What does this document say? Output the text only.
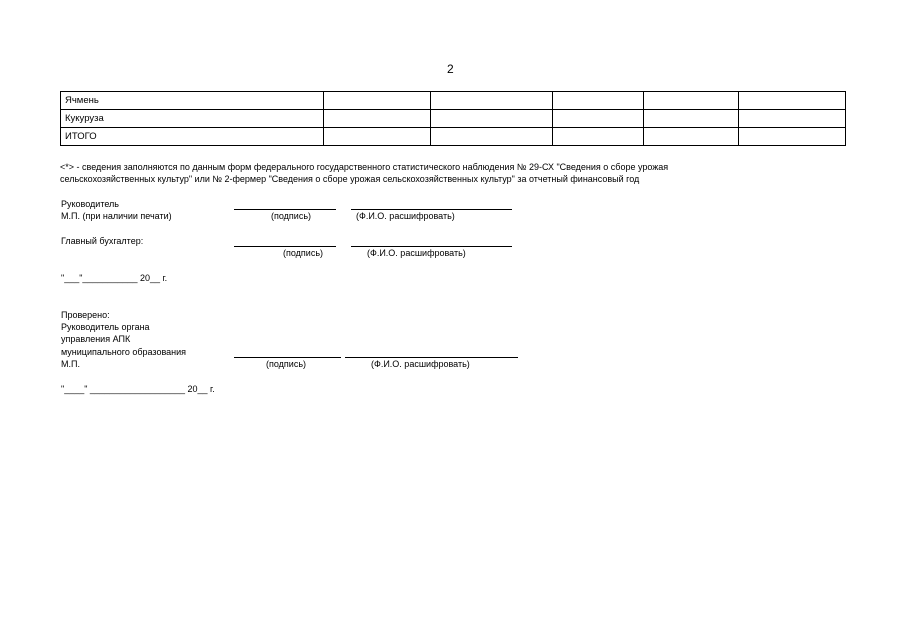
2
Ячмень					
Кукуруза					
ИТОГО					
<*> - сведения заполняются по данным форм федерального государственного статистического наблюдения № 29-СХ "Сведения о сборе урожая
сельскохозяйственных культур" или № 2-фермер "Сведения о сборе урожая сельскохозяйственных культур" за отчетный финансовый год
Руководитель
М.П. (при наличии печати)	(подпись)	(Ф.И.О. расшифровать)
Главный бухгалтер:
(подпись)	(Ф.И.О. расшифровать)
"___"___________ 20__ г.
Проверено:
Руководитель органа
управления АПК
муниципального образования
М.П.	(подпись)	(Ф.И.О. расшифровать)
"____" ___________________ 20__ г.
